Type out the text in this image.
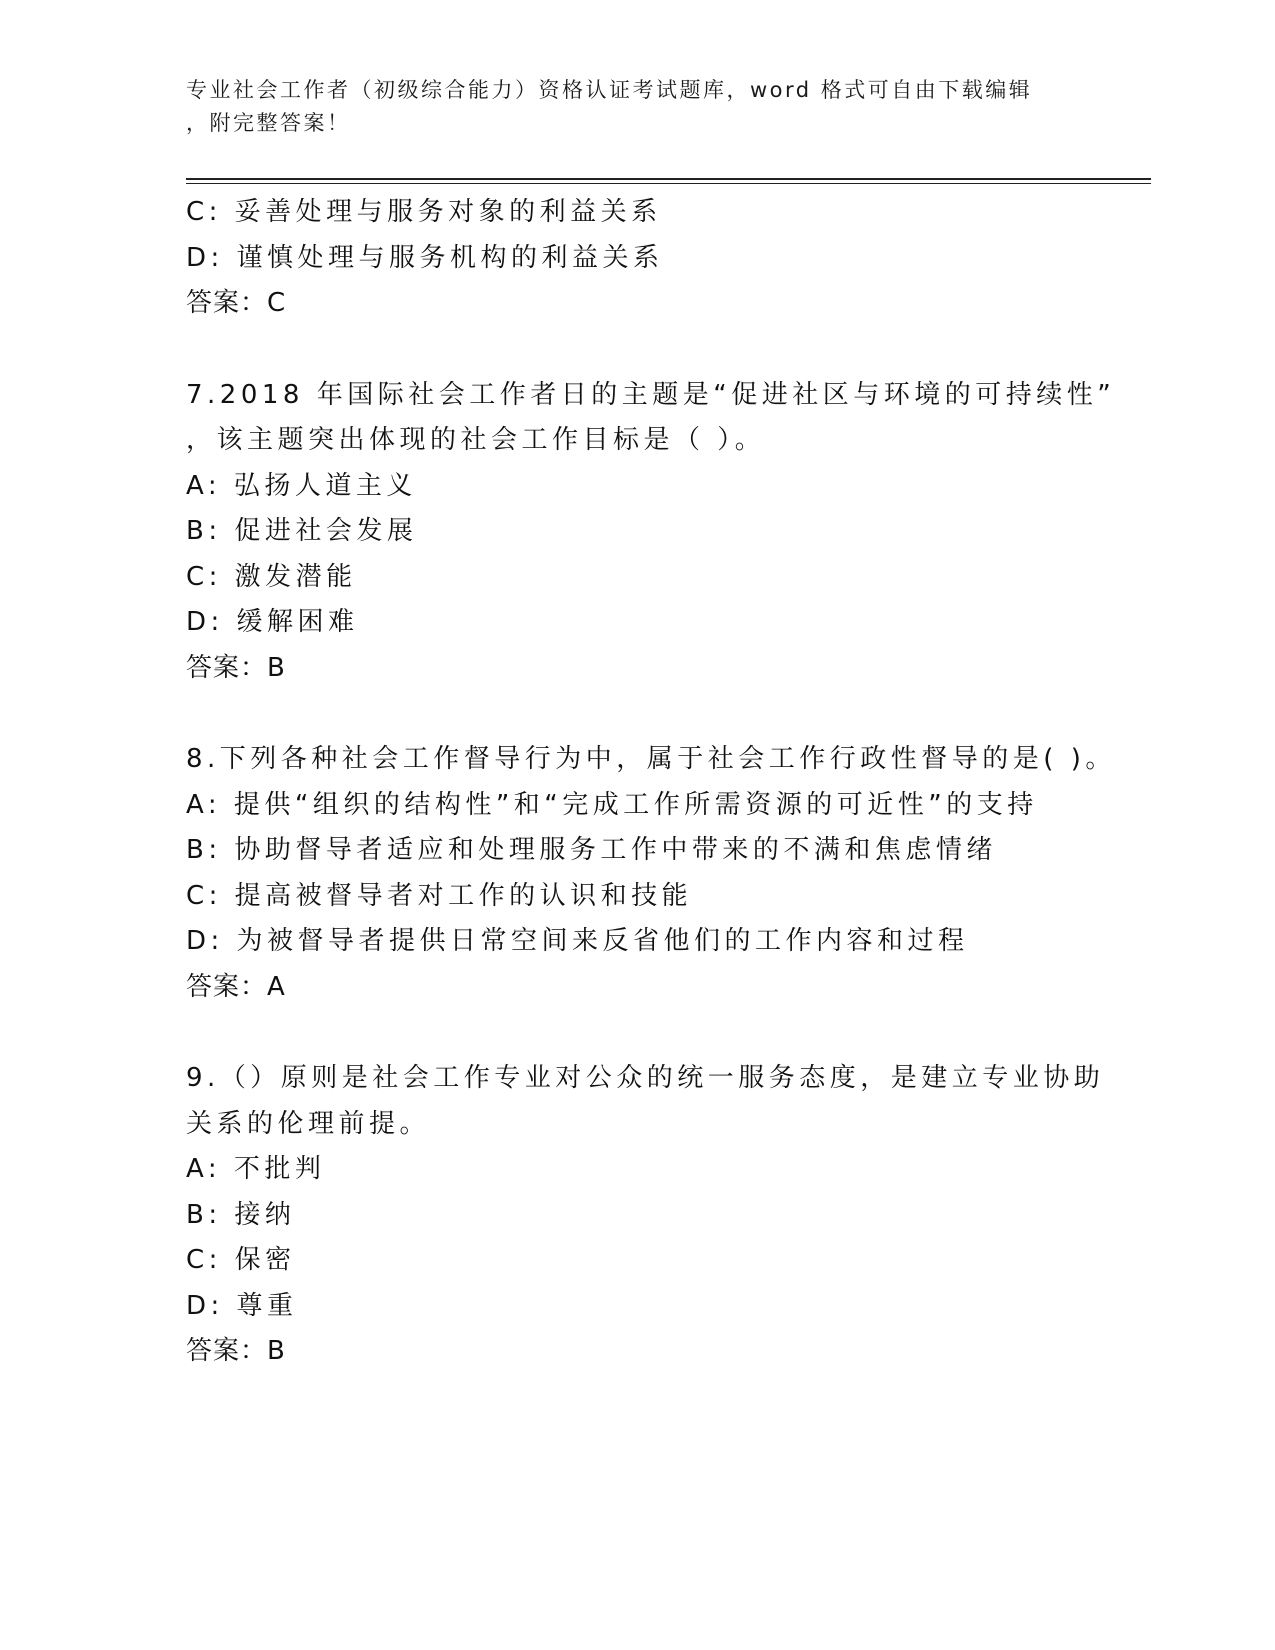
专业社会工作者（初级综合能力）资格认证考试题库，word 格式可自由下载编辑
，附完整答案！
C: 妥善处理与服务对象的利益关系
D: 谨慎处理与服务机构的利益关系
答案：C
7.2018 年国际社会工作者日的主题是“促进社区与环境的可持续性”
，该主题突出体现的社会工作目标是（ ）。
A: 弘扬人道主义
B: 促进社会发展
C: 激发潜能
D: 缓解困难
答案：B
8.下列各种社会工作督导行为中，属于社会工作行政性督导的是( )。
A: 提供“组织的结构性”和“完成工作所需资源的可近性”的支持
B: 协助督导者适应和处理服务工作中带来的不满和焦虑情绪
C: 提高被督导者对工作的认识和技能
D: 为被督导者提供日常空间来反省他们的工作内容和过程
答案：A
9.（）原则是社会工作专业对公众的统一服务态度，是建立专业协助
关系的伦理前提。
A: 不批判
B: 接纳
C: 保密
D: 尊重
答案：B
